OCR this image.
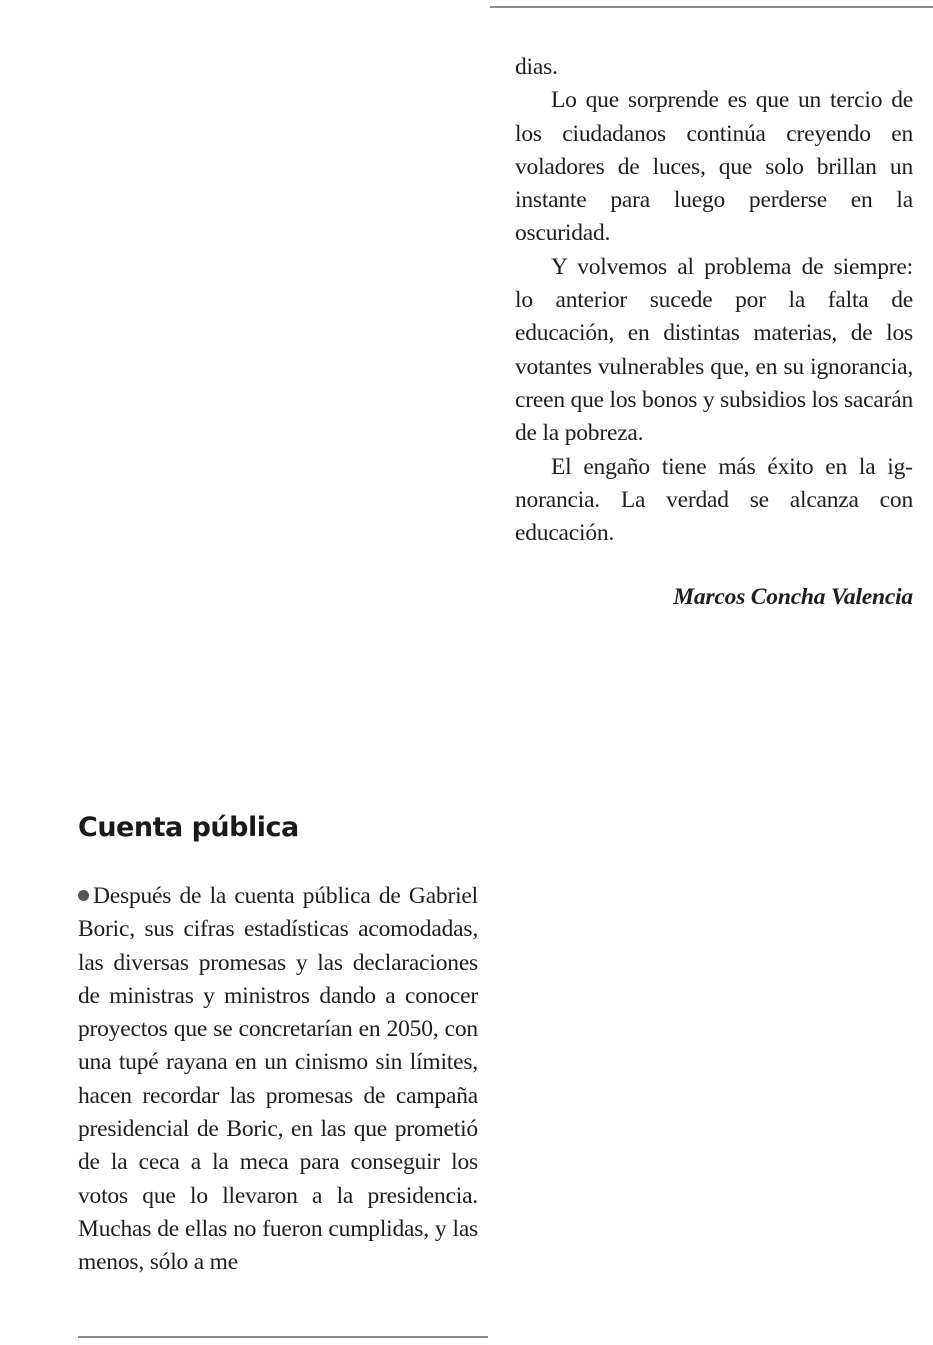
dias.

Lo que sorprende es que un tercio de los ciudadanos continúa creyendo en voladores de luces, que solo brillan un instante para luego perderse en la oscuridad.

Y volvemos al problema de siempre: lo anterior sucede por la falta de educación, en distintas materias, de los votantes vulnerables que, en su ignorancia, creen que los bonos y subsidios los sacarán de la pobreza.

El engaño tiene más éxito en la ignorancia. La verdad se alcanza con educación.

Marcos Concha Valencia
Cuenta pública

Después de la cuenta pública de Gabriel Boric, sus cifras estadísticas acomodadas, las diversas promesas y las declaraciones de ministras y ministros dando a conocer proyectos que se concretarían en 2050, con una tupé rayana en un cinismo sin límites, hacen recordar las promesas de campaña presidencial de Boric, en las que prometió de la ceca a la meca para conseguir los votos que lo llevaron a la presidencia. Muchas de ellas no fueron cumplidas, y las menos, sólo a me
